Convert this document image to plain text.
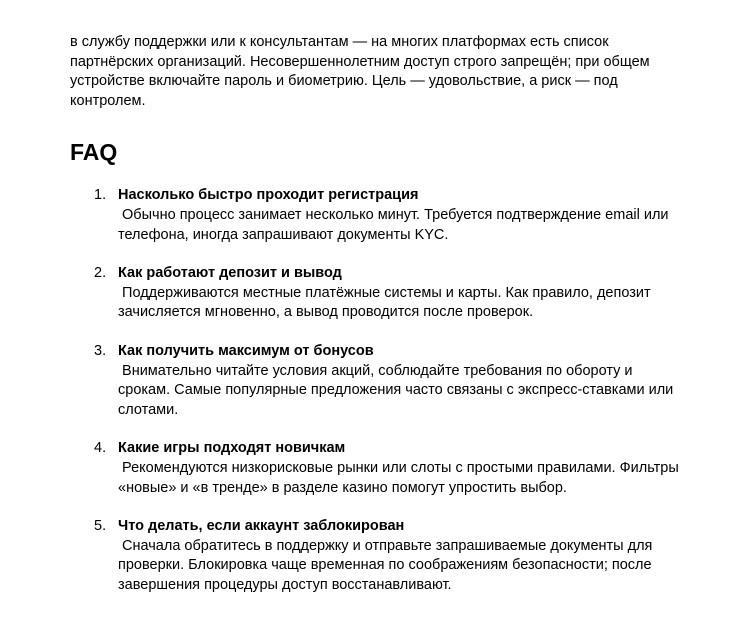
в службу поддержки или к консультантам — на многих платформах есть список партнёрских организаций. Несовершеннолетним доступ строго запрещён; при общем устройстве включайте пароль и биометрию. Цель — удовольствие, а риск — под контролем.

FAQ
1. Насколько быстро проходит регистрация
Обычно процесс занимает несколько минут. Требуется подтверждение email или телефона, иногда запрашивают документы KYC.
2. Как работают депозит и вывод
Поддерживаются местные платёжные системы и карты. Как правило, депозит зачисляется мгновенно, а вывод проводится после проверок.
3. Как получить максимум от бонусов
Внимательно читайте условия акций, соблюдайте требования по обороту и срокам. Самые популярные предложения часто связаны с экспресс-ставками или слотами.
4. Какие игры подходят новичкам
Рекомендуются низкорисковые рынки или слоты с простыми правилами. Фильтры «новые» и «в тренде» в разделе казино помогут упростить выбор.
5. Что делать, если аккаунт заблокирован
Сначала обратитесь в поддержку и отправьте запрашиваемые документы для проверки. Блокировка чаще временная по соображениям безопасности; после завершения процедуры доступ восстанавливают.
